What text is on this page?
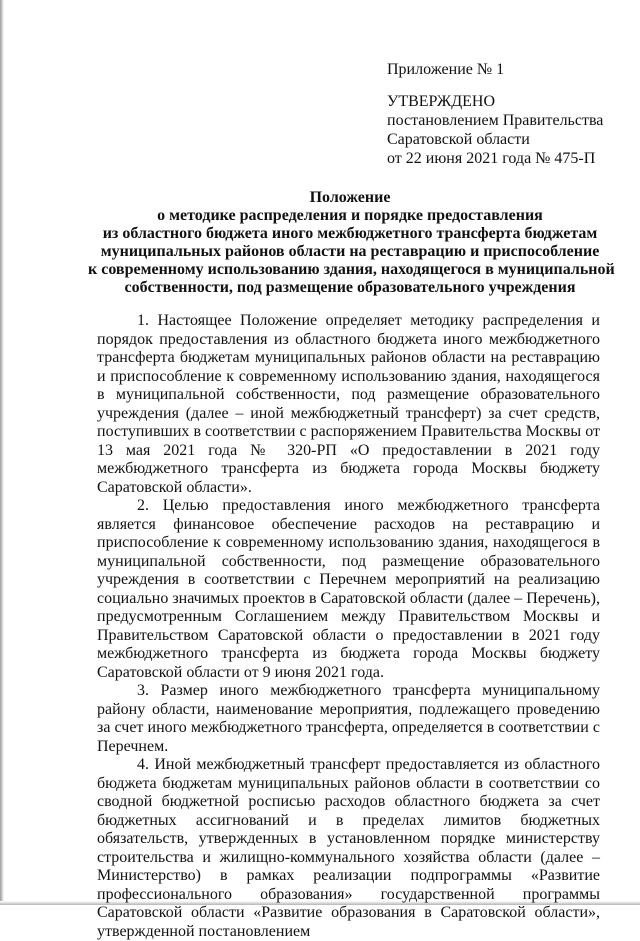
Приложение № 1
УТВЕРЖДЕНО
постановлением Правительства
Саратовской области
от 22 июня 2021 года № 475-П
Положение
о методике распределения и порядке предоставления
из областного бюджета иного межбюджетного трансферта бюджетам
муниципальных районов области на реставрацию и приспособление
к современному использованию здания, находящегося в муниципальной
собственности, под размещение образовательного учреждения

1. Настоящее Положение определяет методику распределения и порядок предоставления из областного бюджета иного межбюджетного трансферта бюджетам муниципальных районов области на реставрацию и приспособление к современному использованию здания, находящегося в муниципальной собственности, под размещение образовательного учреждения (далее – иной межбюджетный трансферт) за счет средств, поступивших в соответствии с распоряжением Правительства Москвы от 13 мая 2021 года № 320-РП «О предоставлении в 2021 году межбюджетного трансферта из бюджета города Москвы бюджету Саратовской области».

2. Целью предоставления иного межбюджетного трансферта является финансовое обеспечение расходов на реставрацию и приспособление к современному использованию здания, находящегося в муниципальной собственности, под размещение образовательного учреждения в соответствии с Перечнем мероприятий на реализацию социально значимых проектов в Саратовской области (далее – Перечень), предусмотренным Соглашением между Правительством Москвы и Правительством Саратовской области о предоставлении в 2021 году межбюджетного трансферта из бюджета города Москвы бюджету Саратовской области от 9 июня 2021 года.

3. Размер иного межбюджетного трансферта муниципальному району области, наименование мероприятия, подлежащего проведению за счет иного межбюджетного трансферта, определяется в соответствии с Перечнем.

4. Иной межбюджетный трансферт предоставляется из областного бюджета бюджетам муниципальных районов области в соответствии со сводной бюджетной росписью расходов областного бюджета за счет бюджетных ассигнований и в пределах лимитов бюджетных обязательств, утвержденных в установленном порядке министерству строительства и жилищно-коммунального хозяйства области (далее – Министерство) в рамках реализации подпрограммы «Развитие профессионального образования» государственной программы Саратовской области «Развитие образования в Саратовской области», утвержденной постановлением
